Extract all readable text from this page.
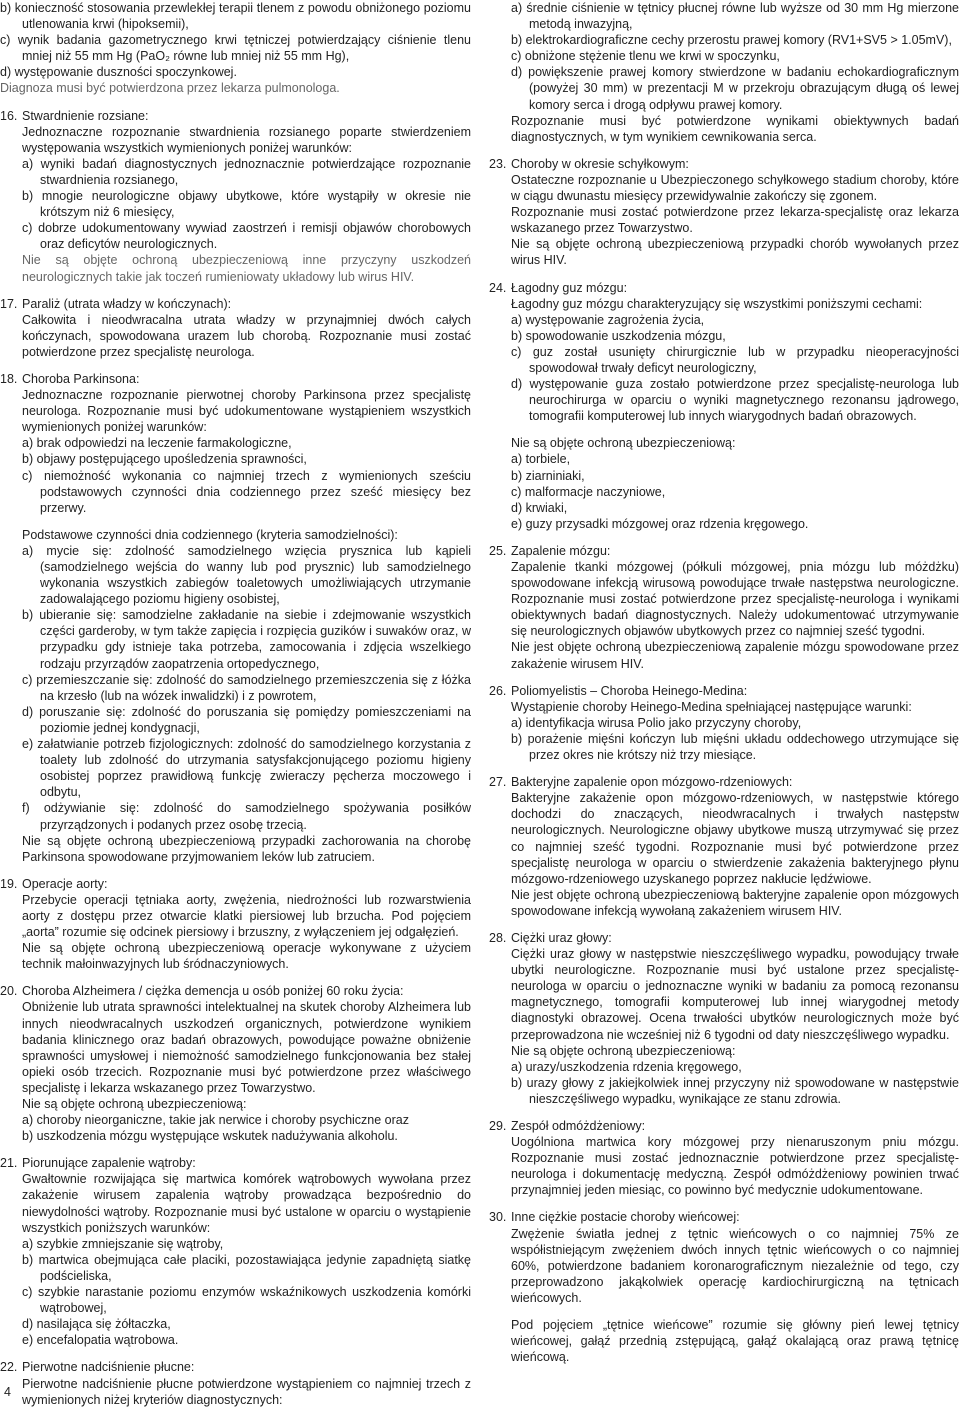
b) konieczność stosowania przewlekłej terapii tlenem z powodu obniżonego poziomu utlenowania krwi (hipoksemii),

c) wynik badania gazometrycznego krwi tętniczej potwierdzający ciśnienie tlenu mniej niż 55 mm Hg (PaO₂ równe lub mniej niż 55 mm Hg),

d) występowanie duszności spoczynkowej.

Diagnoza musi być potwierdzona przez lekarza pulmonologa.

16. Stwardnienie rozsiane:

Jednoznaczne rozpoznanie stwardnienia rozsianego poparte stwierdzeniem występowania wszystkich wymienionych poniżej warunków:

a) wyniki badań diagnostycznych jednoznacznie potwierdzające rozpoznanie stwardnienia rozsianego,

b) mnogie neurologiczne objawy ubytkowe, które wystąpiły w okresie nie krótszym niż 6 miesięcy,

c) dobrze udokumentowany wywiad zaostrzeń i remisji objawów chorobowych oraz deficytów neurologicznych.

Nie są objęte ochroną ubezpieczeniową inne przyczyny uszkodzeń neurologicznych takie jak toczeń rumieniowaty układowy lub wirus HIV.

17. Paraliż (utrata władzy w kończynach):

Całkowita i nieodwracalna utrata władzy w przynajmniej dwóch całych kończynach, spowodowana urazem lub chorobą. Rozpoznanie musi zostać potwierdzone przez specjalistę neurologa.

18. Choroba Parkinsona:

Jednoznaczne rozpoznanie pierwotnej choroby Parkinsona przez specjalistę neurologa. Rozpoznanie musi być udokumentowane wystąpieniem wszystkich wymienionych poniżej warunków:

a) brak odpowiedzi na leczenie farmakologiczne,

b) objawy postępującego upośledzenia sprawności,

c) niemożność wykonania co najmniej trzech z wymienionych sześciu podstawowych czynności dnia codziennego przez sześć miesięcy bez przerwy.

Podstawowe czynności dnia codziennego (kryteria samodzielności):

a) mycie się: zdolność samodzielnego wzięcia prysznica lub kąpieli (samodzielnego wejścia do wanny lub pod prysznic) lub samodzielnego wykonania wszystkich zabiegów toaletowych umożliwiających utrzymanie zadowalającego poziomu higieny osobistej,

b) ubieranie się: samodzielne zakładanie na siebie i zdejmowanie wszystkich części garderoby, w tym także zapięcia i rozpięcia guzików i suwaków oraz, w przypadku gdy istnieje taka potrzeba, zamocowania i zdjęcia wszelkiego rodzaju przyrządów zaopatrzenia ortopedycznego,

c) przemieszczanie się: zdolność do samodzielnego przemieszczenia się z łóżka na krzesło (lub na wózek inwalidzki) i z powrotem,

d) poruszanie się: zdolność do poruszania się pomiędzy pomieszczeniami na poziomie jednej kondygnacji,

e) załatwianie potrzeb fizjologicznych: zdolność do samodzielnego korzystania z toalety lub zdolność do utrzymania satysfakcjonującego poziomu higieny osobistej poprzez prawidłową funkcję zwieraczy pęcherza moczowego i odbytu,

f) odżywianie się: zdolność do samodzielnego spożywania posiłków przyrządzonych i podanych przez osobę trzecią.

Nie są objęte ochroną ubezpieczeniową przypadki zachorowania na chorobę Parkinsona spowodowane przyjmowaniem leków lub zatruciem.

19. Operacje aorty:

Przebycie operacji tętniaka aorty, zwężenia, niedrożności lub rozwarstwienia aorty z dostępu przez otwarcie klatki piersiowej lub brzucha. Pod pojęciem „aorta” rozumie się odcinek piersiowy i brzuszny, z wyłączeniem jej odgałęzień.

Nie są objęte ochroną ubezpieczeniową operacje wykonywane z użyciem technik małoinwazyjnych lub śródnaczyniowych.

20. Choroba Alzheimera / ciężka demencja u osób poniżej 60 roku życia:

Obniżenie lub utrata sprawności intelektualnej na skutek choroby Alzheimera lub innych nieodwracalnych uszkodzeń organicznych, potwierdzone wynikiem badania klinicznego oraz badań obrazowych, powodujące poważne obniżenie sprawności umysłowej i niemożność samodzielnego funkcjonowania bez stałej opieki osób trzecich. Rozpoznanie musi być potwierdzone przez właściwego specjalistę i lekarza wskazanego przez Towarzystwo.

Nie są objęte ochroną ubezpieczeniową:

a) choroby nieorganiczne, takie jak nerwice i choroby psychiczne oraz

b) uszkodzenia mózgu występujące wskutek nadużywania alkoholu.

21. Piorunujące zapalenie wątroby:

Gwałtownie rozwijająca się martwica komórek wątrobowych wywołana przez zakażenie wirusem zapalenia wątroby prowadząca bezpośrednio do niewydolności wątroby. Rozpoznanie musi być ustalone w oparciu o wystąpienie wszystkich poniższych warunków:

a) szybkie zmniejszanie się wątroby,

b) martwica obejmująca całe placiki, pozostawiająca jedynie zapadniętą siatkę podścieliska,

c) szybkie narastanie poziomu enzymów wskaźnikowych uszkodzenia komórki wątrobowej,

d) nasilająca się żółtaczka,

e) encefalopatia wątrobowa.

22. Pierwotne nadciśnienie płucne:

Pierwotne nadciśnienie płucne potwierdzone wystąpieniem co najmniej trzech z wymienionych niżej kryteriów diagnostycznych:

a) średnie ciśnienie w tętnicy płucnej równe lub wyższe od 30 mm Hg mierzone metodą inwazyjną,

b) elektrokardiograficzne cechy przerostu prawej komory (RV1+SV5 > 1.05mV),

c) obniżone stężenie tlenu we krwi w spoczynku,

d) powiększenie prawej komory stwierdzone w badaniu echokardiograficznym (powyżej 30 mm) w prezentacji M w przekroju obrazującym długą oś lewej komory serca i drogą odpływu prawej komory.

Rozpoznanie musi być potwierdzone wynikami obiektywnych badań diagnostycznych, w tym wynikiem cewnikowania serca.

23. Choroby w okresie schyłkowym:

Ostateczne rozpoznanie u Ubezpieczonego schyłkowego stadium choroby, które w ciągu dwunastu miesięcy przewidywalnie zakończy się zgonem.

Rozpoznanie musi zostać potwierdzone przez lekarza-specjalistę oraz lekarza wskazanego przez Towarzystwo.

Nie są objęte ochroną ubezpieczeniową przypadki chorób wywołanych przez wirus HIV.

24. Łagodny guz mózgu:

Łagodny guz mózgu charakteryzujący się wszystkimi poniższymi cechami:

a) występowanie zagrożenia życia,

b) spowodowanie uszkodzenia mózgu,

c) guz został usunięty chirurgicznie lub w przypadku nieoperacyjności spowodował trwały deficyt neurologiczny,

d) występowanie guza zostało potwierdzone przez specjalistę-neurologa lub neurochirurga w oparciu o wyniki magnetycznego rezonansu jądrowego, tomografii komputerowej lub innych wiarygodnych badań obrazowych.

Nie są objęte ochroną ubezpieczeniową:

a) torbiele,

b) ziarniniaki,

c) malformacje naczyniowe,

d) krwiaki,

e) guzy przysadki mózgowej oraz rdzenia kręgowego.

25. Zapalenie mózgu:

Zapalenie tkanki mózgowej (półkuli mózgowej, pnia mózgu lub móżdżku) spowodowane infekcją wirusową powodujące trwałe następstwa neurologiczne. Rozpoznanie musi zostać potwierdzone przez specjalistę-neurologa i wynikami obiektywnych badań diagnostycznych. Należy udokumentować utrzymywanie się neurologicznych objawów ubytkowych przez co najmniej sześć tygodni.

Nie jest objęte ochroną ubezpieczeniową zapalenie mózgu spowodowane przez zakażenie wirusem HIV.

26. Poliomyelistis – Choroba Heinego-Medina:

Wystąpienie choroby Heinego-Medina spełniającej następujące warunki:

a) identyfikacja wirusa Polio jako przyczyny choroby,

b) porażenie mięśni kończyn lub mięśni układu oddechowego utrzymujące się przez okres nie krótszy niż trzy miesiące.

27. Bakteryjne zapalenie opon mózgowo-rdzeniowych:

Bakteryjne zakażenie opon mózgowo-rdzeniowych, w następstwie którego dochodzi do znaczących, nieodwracalnych i trwałych następstw neurologicznych. Neurologiczne objawy ubytkowe muszą utrzymywać się przez co najmniej sześć tygodni. Rozpoznanie musi być potwierdzone przez specjalistę neurologa w oparciu o stwierdzenie zakażenia bakteryjnego płynu mózgowo-rdzeniowego uzyskanego poprzez nakłucie lędźwiowe.

Nie jest objęte ochroną ubezpieczeniową bakteryjne zapalenie opon mózgowych spowodowane infekcją wywołaną zakażeniem wirusem HIV.

28. Ciężki uraz głowy:

Ciężki uraz głowy w następstwie nieszczęśliwego wypadku, powodujący trwałe ubytki neurologiczne. Rozpoznanie musi być ustalone przez specjalistę-neurologa w oparciu o jednoznaczne wyniki w badaniu za pomocą rezonansu magnetycznego, tomografii komputerowej lub innej wiarygodnej metody diagnostyki obrazowej. Ocena trwałości ubytków neurologicznych może być przeprowadzona nie wcześniej niż 6 tygodni od daty nieszczęśliwego wypadku.

Nie są objęte ochroną ubezpieczeniową:

a) urazy/uszkodzenia rdzenia kręgowego,

b) urazy głowy z jakiejkolwiek innej przyczyny niż spowodowane w następstwie nieszczęśliwego wypadku, wynikające ze stanu zdrowia.

29. Zespół odmóżdżeniowy:

Uogólniona martwica kory mózgowej przy nienaruszonym pniu mózgu. Rozpoznanie musi zostać jednoznacznie potwierdzone przez specjalistę-neurologa i dokumentację medyczną. Zespół odmóżdżeniowy powinien trwać przynajmniej jeden miesiąc, co powinno być medycznie udokumentowane.

30. Inne ciężkie postacie choroby wieńcowej:

Zwężenie światła jednej z tętnic wieńcowych o co najmniej 75% ze współistniejącym zwężeniem dwóch innych tętnic wieńcowych o co najmniej 60%, potwierdzone badaniem koronarograficznym niezależnie od tego, czy przeprowadzono jakąkolwiek operację kardiochirurgiczną na tętnicach wieńcowych.

Pod pojęciem „tętnice wieńcowe” rozumie się główny pień lewej tętnicy wieńcowej, gałąź przednią zstępującą, gałąź okalającą oraz prawą tętnicę wieńcową.

4
